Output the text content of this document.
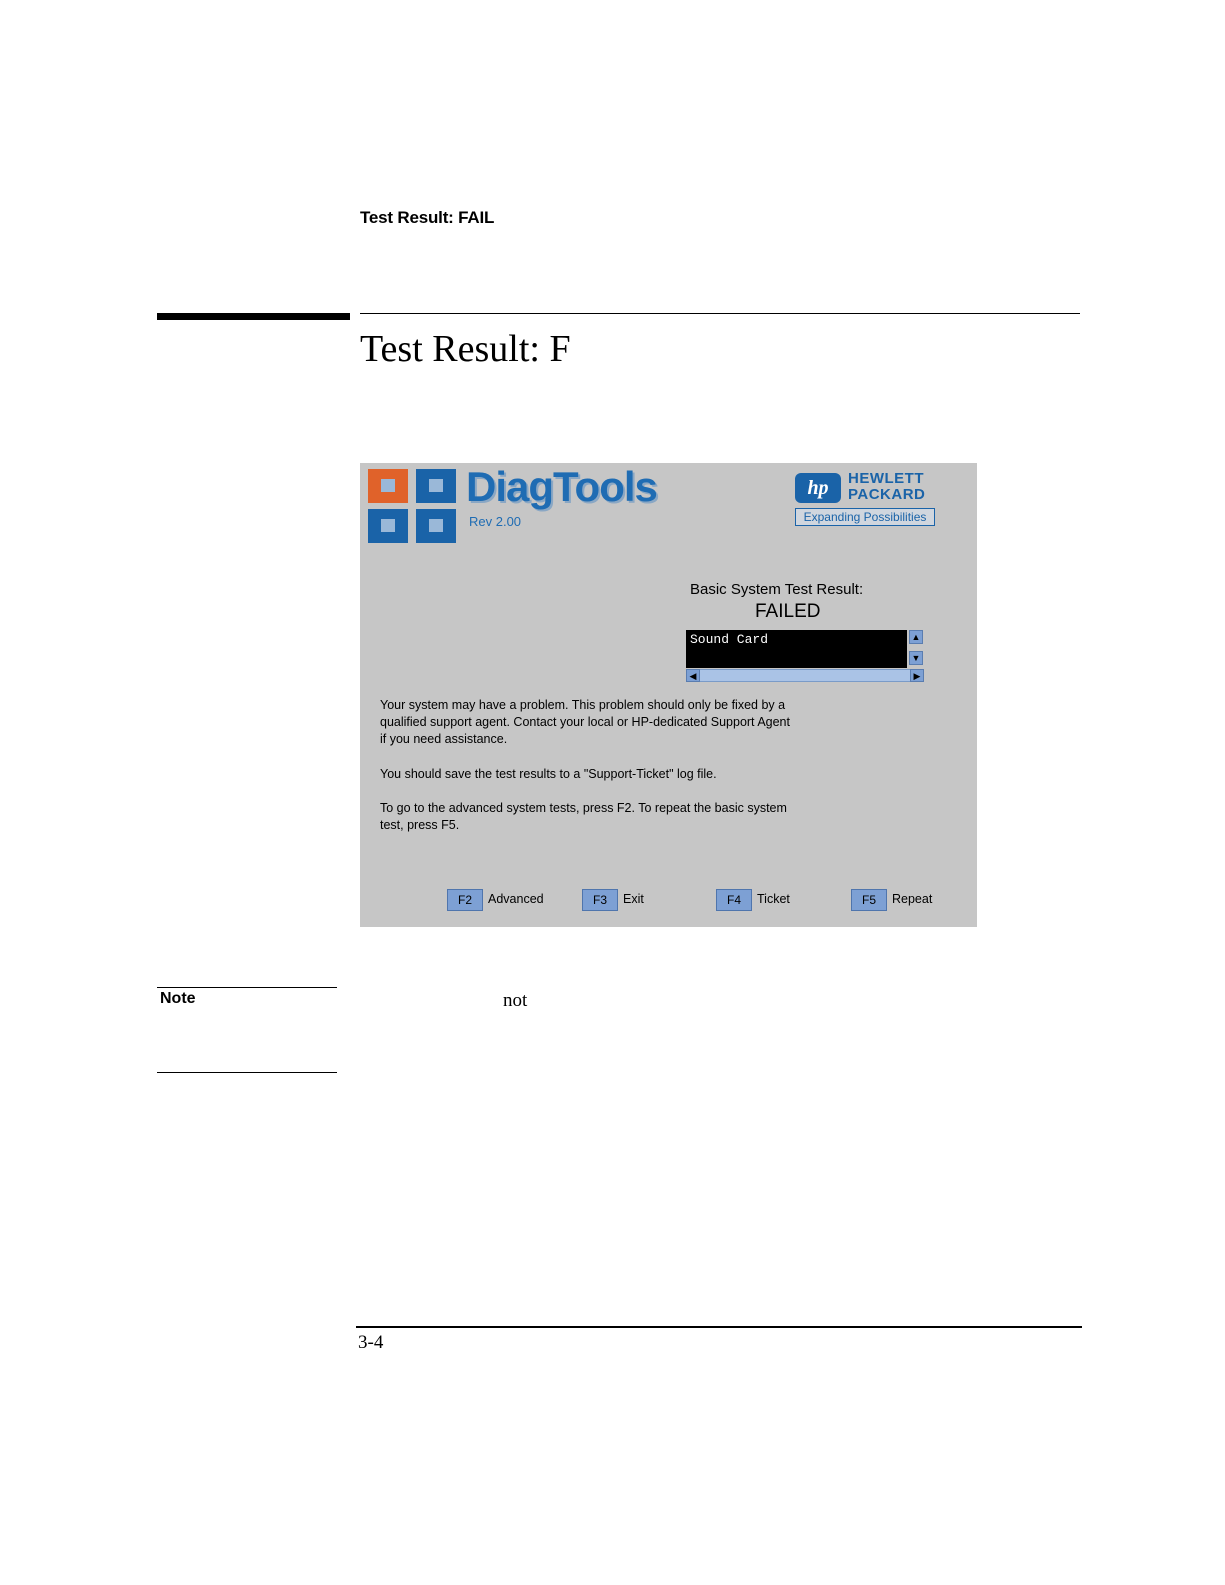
Test Result: FAIL
Test Result: F
DiagTools
Rev 2.00
hp	HEWLETT
PACKARD
Expanding Possibilities
Basic System Test Result:
FAILED
Sound Card	▲
▼
◀	▶
Your system may have a problem. This problem should only be fixed by a
qualified support agent. Contact your local or HP-dedicated Support Agent
if you need assistance.
You should save the test results to a "Support-Ticket" log file.
To go to the advanced system tests, press F2. To repeat the basic system
test, press F5.
F2	Advanced	F3	Exit	F4	Ticket	F5	Repeat
Note	not
3-4
